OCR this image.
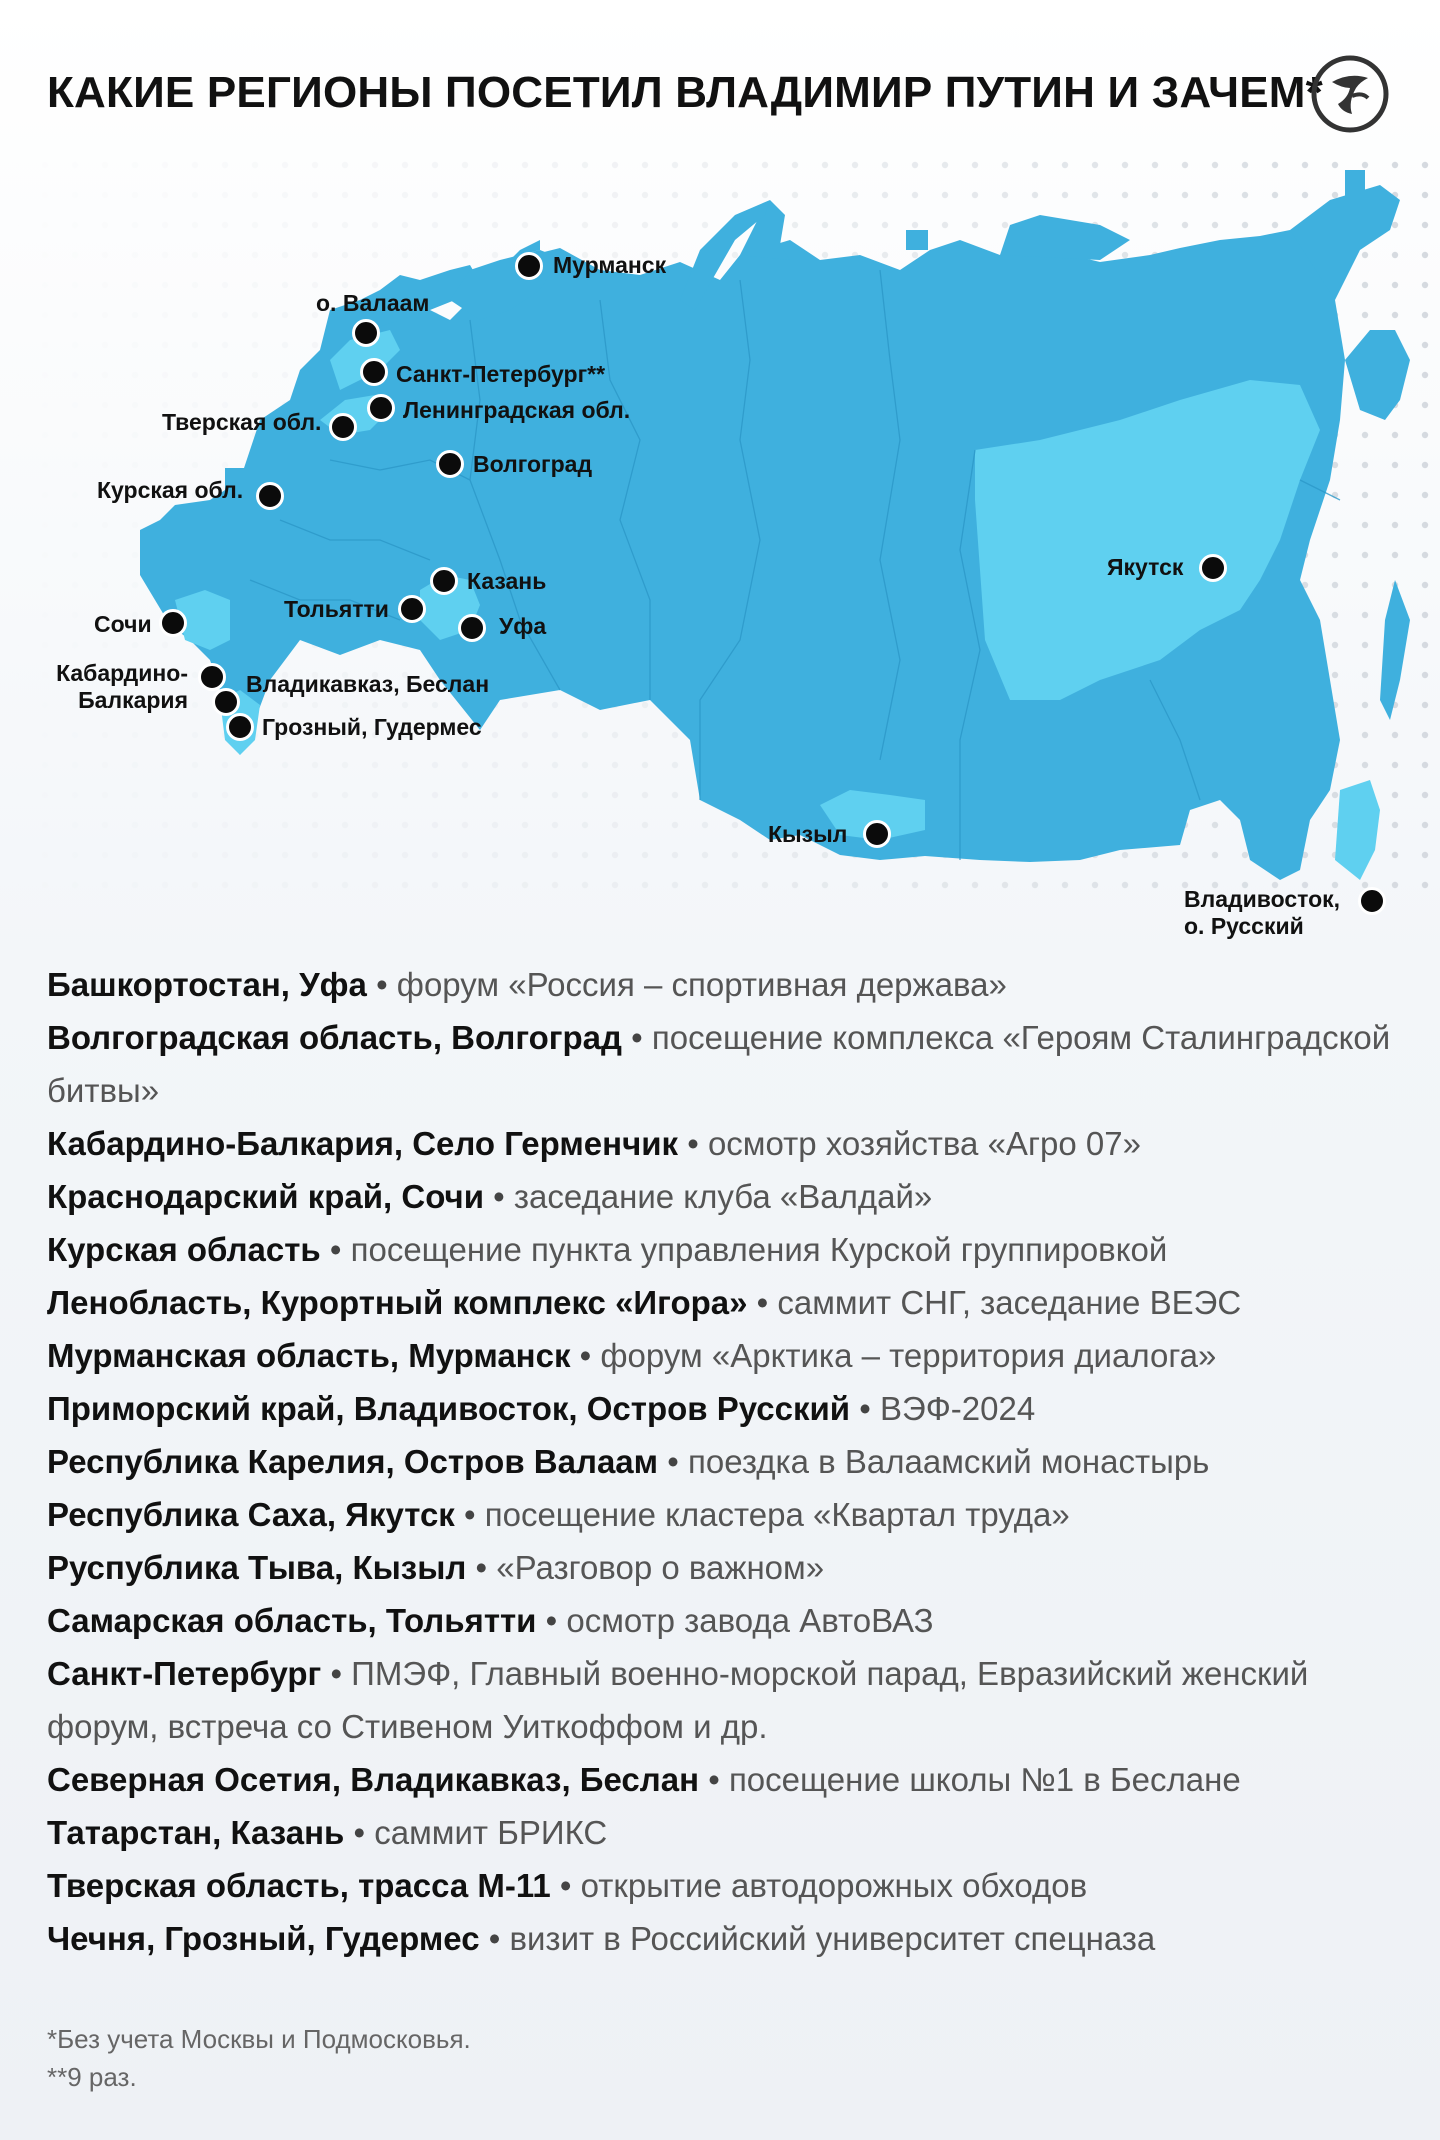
КАКИЕ РЕГИОНЫ ПОСЕТИЛ ВЛАДИМИР ПУТИН И ЗАЧЕМ*
Мурманск
о. Валаам
Санкт-Петербург**
Ленинградская обл.
Тверская обл.
Волгоград
Курская обл.
Казань
Тольятти
Уфа
Сочи
Кабардино-Балкария
Владикавказ, Беслан
Грозный, Гудермес
Якутск
Кызыл
Владивосток, о. Русский
Башкортостан, Уфа • форум «Россия – спортивная держава»
Волгоградская область, Волгоград • посещение комплекса «Героям Сталинградской битвы»
Кабардино-Балкария, Село Герменчик • осмотр хозяйства «Агро 07»
Краснодарский край, Сочи • заседание клуба «Валдай»
Курская область • посещение пункта управления Курской группировкой
Ленобласть, Курортный комплекс «Игора» • саммит СНГ, заседание ВЕЭС
Мурманская область, Мурманск • форум «Арктика – территория диалога»
Приморский край, Владивосток, Остров Русский • ВЭФ-2024
Республика Карелия, Остров Валаам • поездка в Валаамский монастырь
Республика Саха, Якутск • посещение кластера «Квартал труда»
Руспублика Тыва, Кызыл • «Разговор о важном»
Самарская область, Тольятти • осмотр завода АвтоВАЗ
Санкт-Петербург • ПМЭФ, Главный военно-морской парад, Евразийский женский форум, встреча со Стивеном Уиткоффом и др.
Северная Осетия, Владикавказ, Беслан • посещение школы №1 в Беслане
Татарстан, Казань • саммит БРИКС
Тверская область, трасса М-11 • открытие автодорожных обходов
Чечня, Грозный, Гудермес • визит в Российский университет спецназа

*Без учета Москвы и Подмосковья.

**9 раз.
